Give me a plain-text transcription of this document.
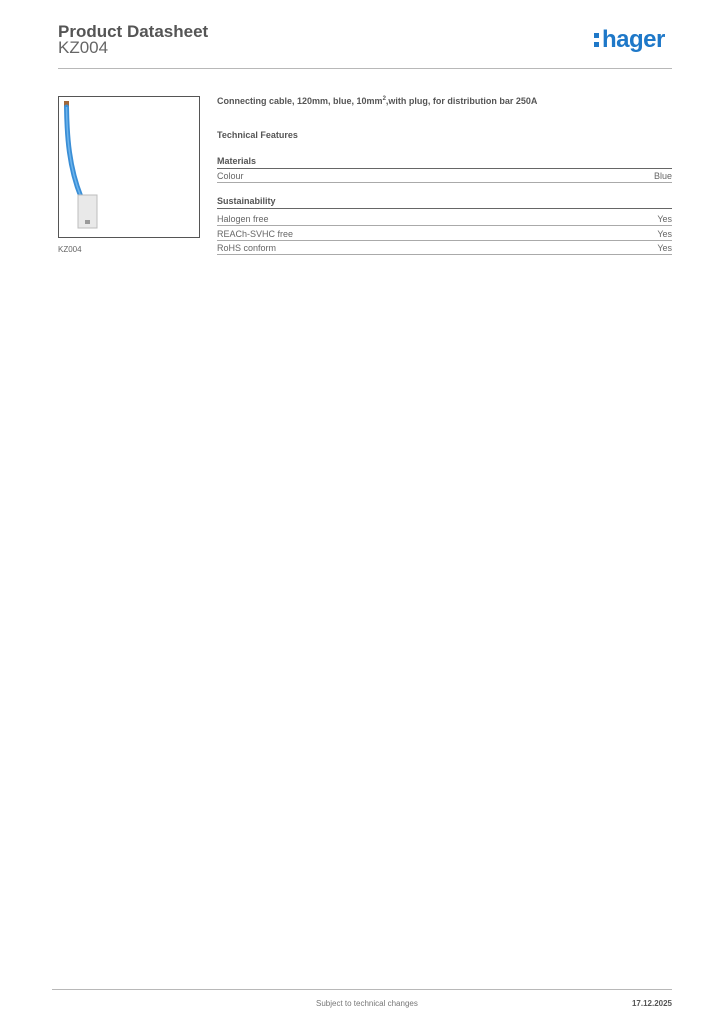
Product Datasheet
KZ004	hager
KZ004
Connecting cable, 120mm, blue, $10mm^2,with$ plug, for distribution bar 250A
Technical Features
Materials
Colour	Blue
Sustainability
Halogen free	Yes
REACh-SVHC free	Yes
RoHS conform	Yes
Subject to technical changes	17.12.2025
